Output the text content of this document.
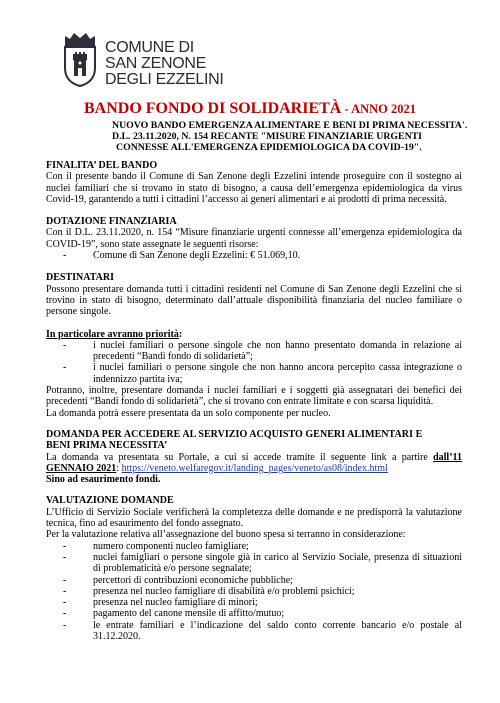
COMUNE DI
SAN ZENONE
DEGLI EZZELINI
BANDO FONDO DI SOLIDARIETÀ - ANNO 2021
NUOVO BANDO EMERGENZA ALIMENTARE E BENI DI PRIMA NECESSITA'.
D.L. 23.11.2020, N. 154 RECANTE "MISURE FINANZIARIE URGENTI
CONNESSE ALL'EMERGENZA EPIDEMIOLOGICA DA COVID-19".
FINALITA’ DEL BANDO

Con il presente bando il Comune di San Zenone degli Ezzelini intende proseguire con il sostegno ai nuclei familiari che si trovano in stato di bisogno, a causa dell’emergenza epidemiologica da virus Covid-19, garantendo a tutti i cittadini l’accesso ai generi alimentari e ai prodotti di prima necessità.

DOTAZIONE FINANZIARIA

Con il D.L. 23.11.2020, n. 154 “Misure finanziarie urgenti connesse all’emergenza epidemiologica da COVID-19”, sono state assegnate le seguenti risorse:

-	Comune di San Zenone degli Ezzelini: € 51.069,10.
DESTINATARI

Possono presentare domanda tutti i cittadini residenti nel Comune di San Zenone degli Ezzelini che si trovino in stato di bisogno, determinato dall’attuale disponibilità finanziaria del nucleo familiare o persone singole.

In particolare avranno priorità:
-	i nuclei familiari o persone singole che non hanno presentato domanda in relazione ai precedenti “Bandi fondo di solidarietà”;
-	i nuclei familiari o persone singole che non hanno ancora percepito cassa integrazione o indennizzo partita iva;

Potranno, inoltre, presentare domanda i nuclei familiari e i soggetti già assegnatari dei benefici dei precedenti “Bandi fondo di solidarietà”, che si trovano con entrate limitate e con scarsa liquidità.

La domanda potrà essere presentata da un solo componente per nucleo.

DOMANDA PER ACCEDERE AL SERVIZIO ACQUISTO GENERI ALIMENTARI E
BENI PRIMA NECESSITA’

La domanda va presentata su Portale, a cui si accede tramite il seguente link a partire dall’11 GENNAIO 2021: https://veneto.welfaregov.it/landing_pages/veneto/as08/index.html

Sino ad esaurimento fondi.
VALUTAZIONE DOMANDE

L’Ufficio di Servizio Sociale verificherà la completezza delle domande e ne predisporrà la valutazione tecnica, fino ad esaurimento del fondo assegnato.

Per la valutazione relativa all’assegnazione del buono spesa si terranno in considerazione:

-	numero componenti nucleo famigliare;
-	nuclei famigliari o persone singole già in carico al Servizio Sociale, presenza di situazioni di problematicità e/o persone segnalate;
-	percettori di contribuzioni economiche pubbliche;
-	presenza nel nucleo famigliare di disabilità e/o problemi psichici;
-	presenza nel nucleo famigliare di minori;
-	pagamento del canone mensile di affitto/mutuo;
-	le entrate familiari e l’indicazione del saldo conto corrente bancario e/o postale al 31.12.2020.
